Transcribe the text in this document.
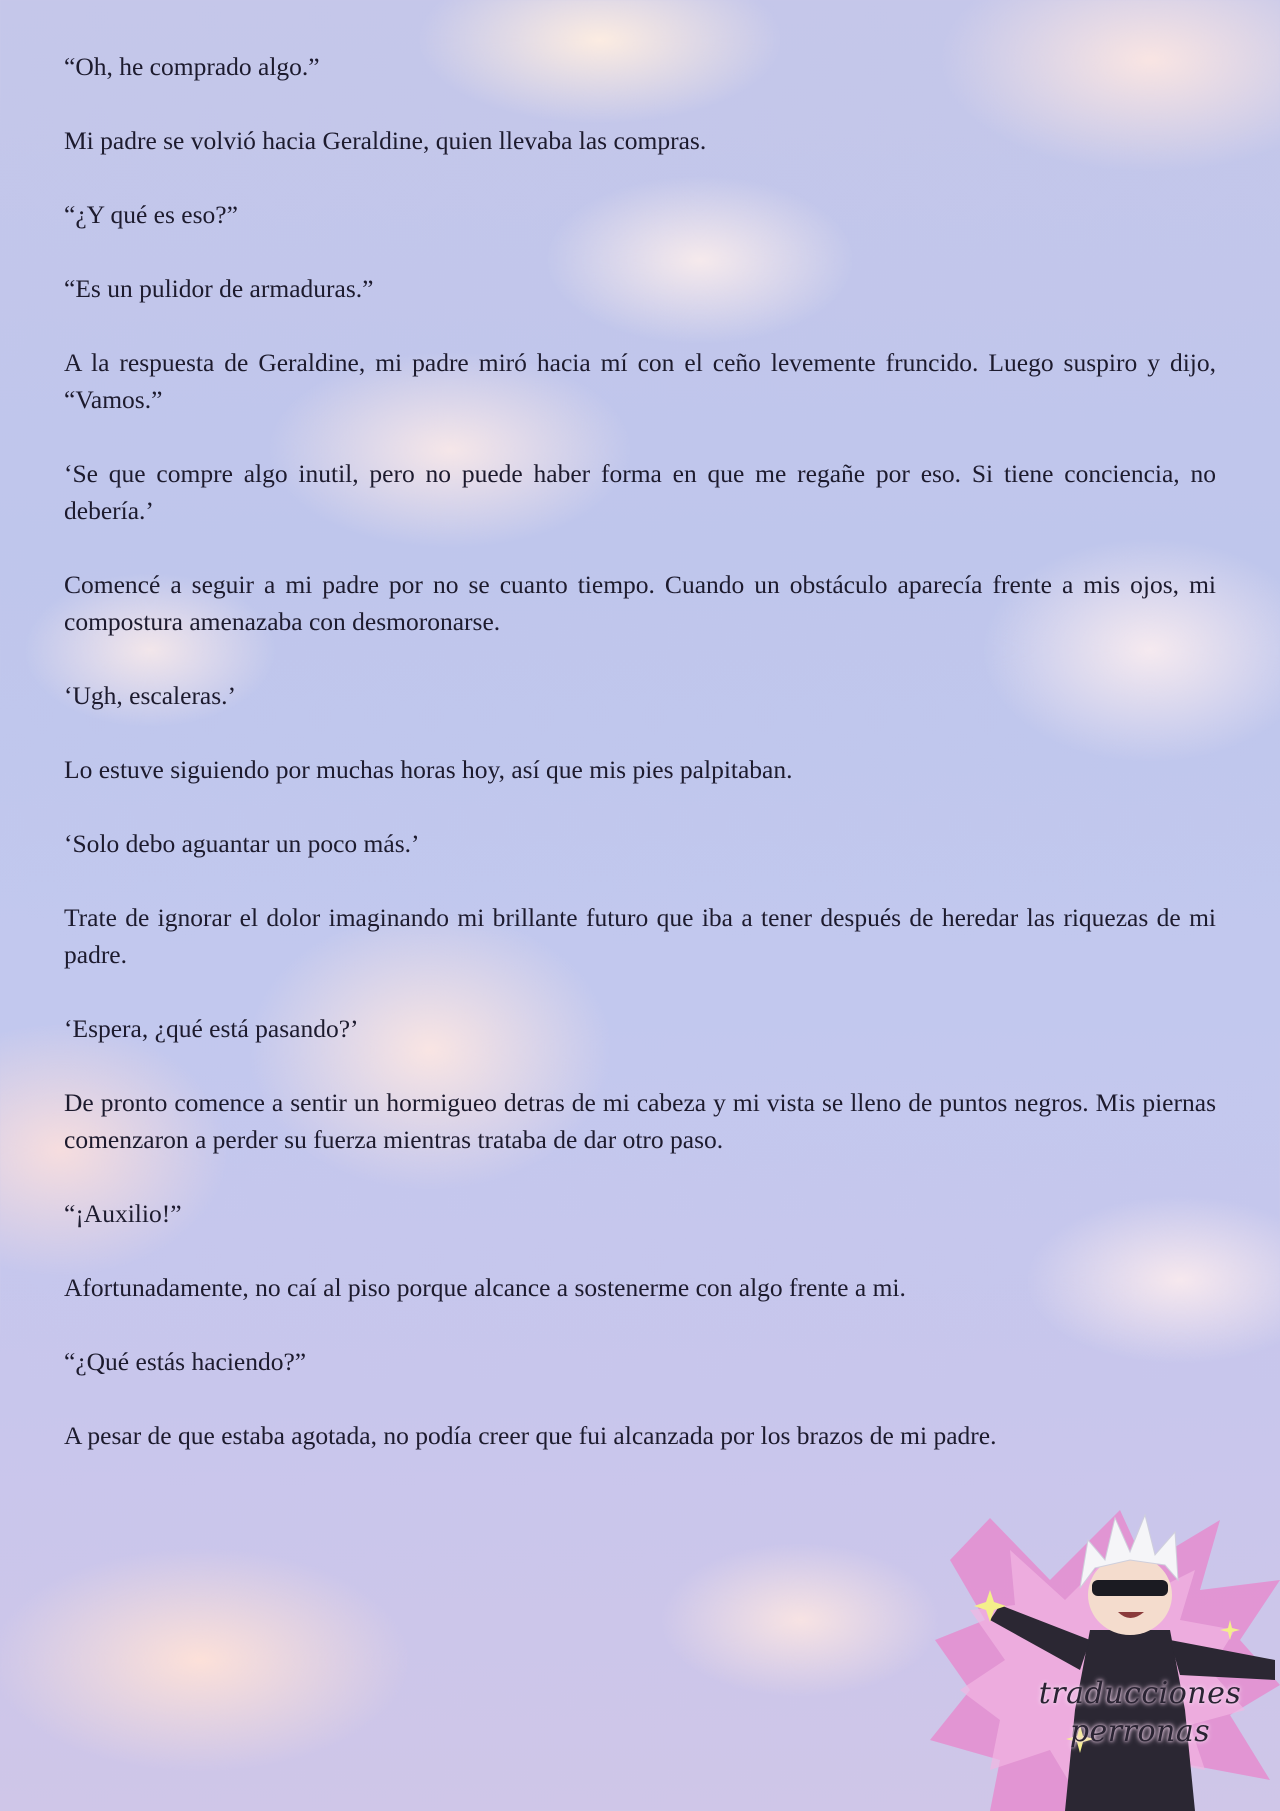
“Oh, he comprado algo.”

Mi padre se volvió hacia Geraldine, quien llevaba las compras.

“¿Y qué es eso?”

“Es un pulidor de armaduras.”

A la respuesta de Geraldine, mi padre miró hacia mí con el ceño levemente fruncido. Luego suspiro y dijo, “Vamos.”

‘Se que compre algo inutil, pero no puede haber forma en que me regañe por eso. Si tiene conciencia, no debería.’

Comencé a seguir a mi padre por no se cuanto tiempo. Cuando un obstáculo aparecía frente a mis ojos, mi compostura amenazaba con desmoronarse.

‘Ugh, escaleras.’

Lo estuve siguiendo por muchas horas hoy, así que mis pies palpitaban.

‘Solo debo aguantar un poco más.’

Trate de ignorar el dolor imaginando mi brillante futuro que iba a tener después de heredar las riquezas de mi padre.

‘Espera, ¿qué está pasando?’

De pronto comence a sentir un hormigueo detras de mi cabeza y mi vista se lleno de puntos negros. Mis piernas comenzaron a perder su fuerza mientras trataba de dar otro paso.

“¡Auxilio!”

Afortunadamente, no caí al piso porque alcance a sostenerme con algo frente a mi.

“¿Qué estás haciendo?”

A pesar de que estaba agotada, no podía creer que fui alcanzada por los brazos de mi padre.

traducciones
perronas
